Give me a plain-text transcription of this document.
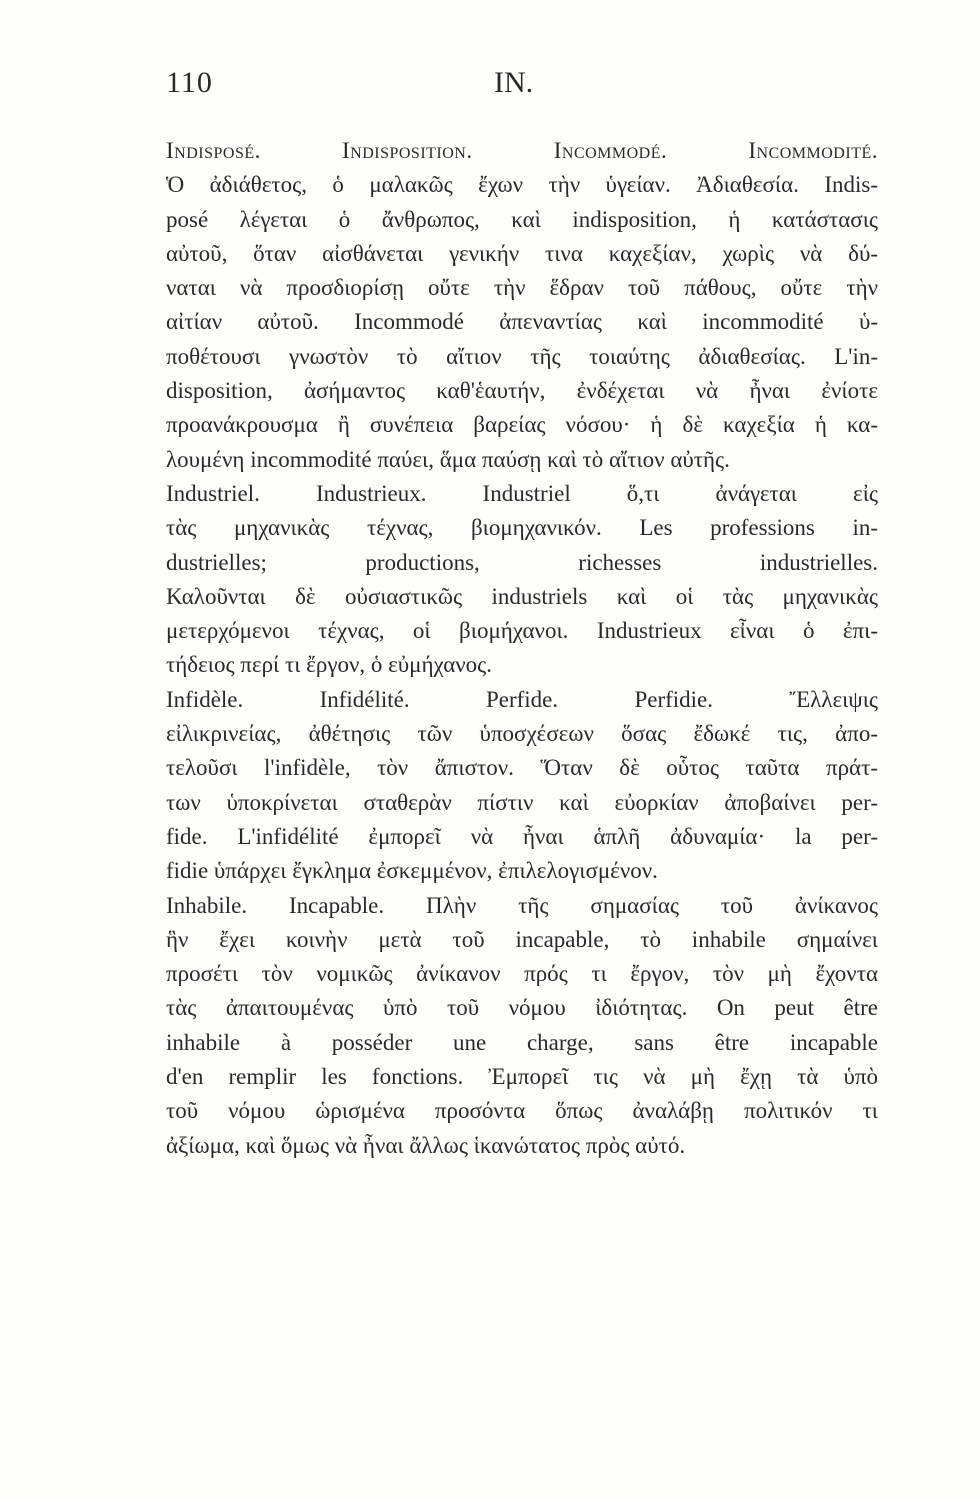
110	IN.
Indisposé. Indisposition. Incommodé. Incommodité.
Ὁ ἀδιάθετος, ὁ μαλακῶς ἔχων τὴν ὑγείαν. Ἀδιαθεσία. Indis-
posé λέγεται ὁ ἄνθρωπος, καὶ indisposition, ἡ κατάστασις
αὐτοῦ, ὅταν αἰσθάνεται γενικήν τινα καχεξίαν, χωρὶς νὰ δύ-
ναται νὰ προσδιορίσῃ οὔτε τὴν ἕδραν τοῦ πάθους, οὔτε τὴν
αἰτίαν αὐτοῦ. Incommodé ἀπεναντίας καὶ incommodité ὑ-
ποθέτουσι γνωστὸν τὸ αἴτιον τῆς τοιαύτης ἀδιαθεσίας. L'in-
disposition, ἀσήμαντος καθ'ἑαυτήν, ἐνδέχεται νὰ ἦναι ἐνίοτε
προανάκρουσμα ἢ συνέπεια βαρείας νόσου· ἡ δὲ καχεξία ἡ κα-
λουμένη incommodité παύει, ἅμα παύσῃ καὶ τὸ αἴτιον αὐτῆς.
Industriel. Industrieux. Industriel ὅ,τι ἀνάγεται εἰς
τὰς μηχανικὰς τέχνας, βιομηχανικόν. Les professions in-
dustrielles; productions, richesses industrielles.
Καλοῦνται δὲ οὐσιαστικῶς industriels καὶ οἱ τὰς μηχανικὰς
μετερχόμενοι τέχνας, οἱ βιομήχανοι. Industrieux εἶναι ὁ ἐπι-
τήδειος περί τι ἔργον, ὁ εὐμήχανος.
Infidèle. Infidélité. Perfide. Perfidie. Ἔλλειψις
εἰλικρινείας, ἀθέτησις τῶν ὑποσχέσεων ὅσας ἔδωκέ τις, ἀπο-
τελοῦσι l'infidèle, τὸν ἄπιστον. Ὅταν δὲ οὗτος ταῦτα πράτ-
των ὑποκρίνεται σταθερὰν πίστιν καὶ εὐορκίαν ἀποβαίνει per-
fide. L'infidélité ἐμπορεῖ νὰ ἦναι ἁπλῆ ἀδυναμία· la per-
fidie ὑπάρχει ἔγκλημα ἐσκεμμένον, ἐπιλελογισμένον.
Inhabile. Incapable. Πλὴν τῆς σημασίας τοῦ ἀνίκανος
ἣν ἔχει κοινὴν μετὰ τοῦ incapable, τὸ inhabile σημαίνει
προσέτι τὸν νομικῶς ἀνίκανον πρός τι ἔργον, τὸν μὴ ἔχοντα
τὰς ἀπαιτουμένας ὑπὸ τοῦ νόμου ἰδιότητας. On peut être
inhabile à posséder une charge, sans être incapable
d'en remplir les fonctions. Ἐμπορεῖ τις νὰ μὴ ἔχῃ τὰ ὑπὸ
τοῦ νόμου ὡρισμένα προσόντα ὅπως ἀναλάβῃ πολιτικόν τι
ἀξίωμα, καὶ ὅμως νὰ ἦναι ἄλλως ἱκανώτατος πρὸς αὐτό.
